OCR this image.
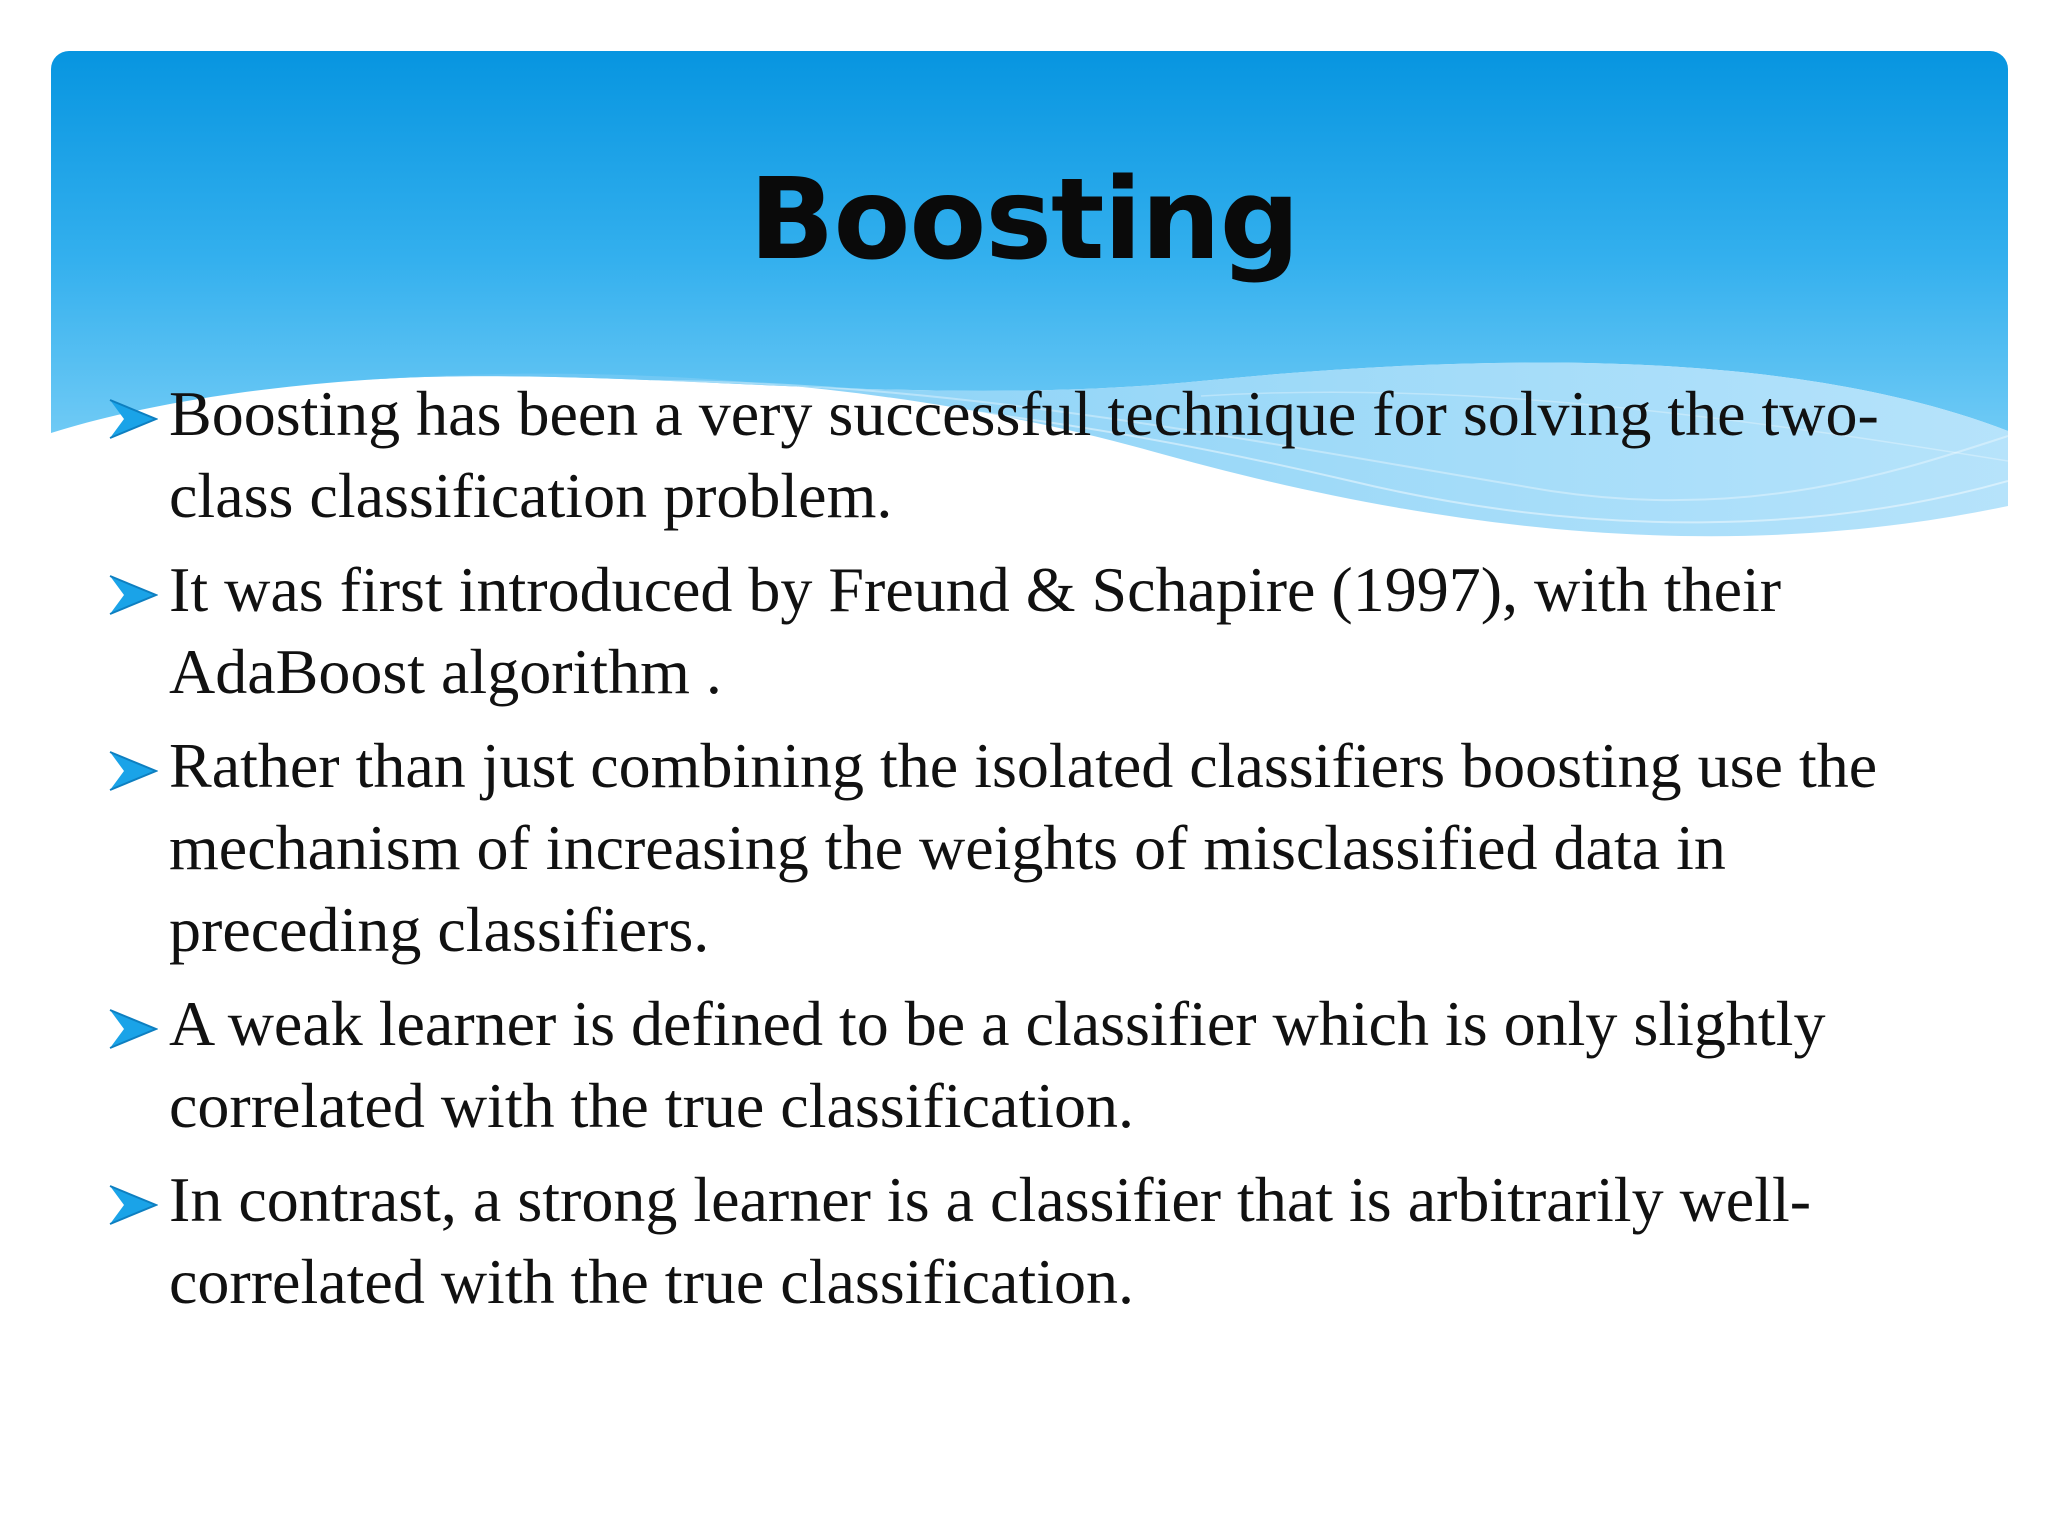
Boosting
Boosting has been a very successful technique for solving the two-class classification problem.
It was first introduced by Freund & Schapire (1997), with their AdaBoost algorithm .
Rather than just combining the isolated classifiers boosting use the mechanism of increasing the weights of misclassified data in preceding classifiers.
A weak learner is defined to be a classifier which is only slightly correlated with the true classification.
In contrast, a strong learner is a classifier that is arbitrarily well-correlated with the true classification.
